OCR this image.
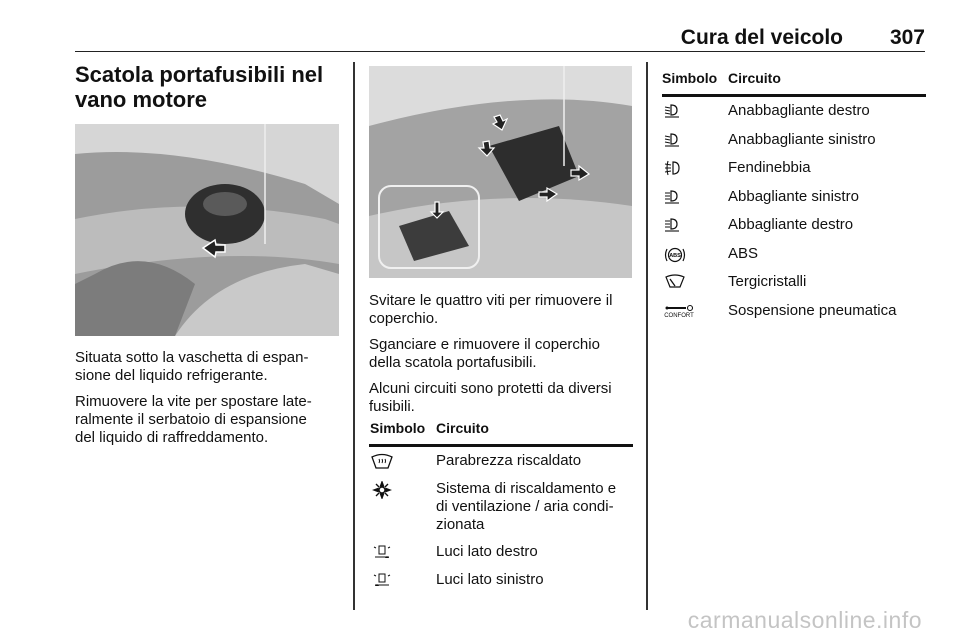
Cura del veicolo 307
Scatola portafusibili nel
vano motore

Situata sotto la vaschetta di espan-
sione del liquido refrigerante.

Rimuovere la vite per spostare late-
ralmente il serbatoio di espansione
del liquido di raffreddamento.

Svitare le quattro viti per rimuovere il
coperchio.

Sganciare e rimuovere il coperchio
della scatola portafusibili.

Alcuni circuiti sono protetti da diversi
fusibili.

Simbolo Circuito
Parabrezza riscaldato
Sistema di riscaldamento e
di ventilazione / aria condi-
zionata
Luci lato destro
Luci lato sinistro
Simbolo Circuito
Anabbagliante destro
Anabbagliante sinistro
Fendinebbia
Abbagliante sinistro
Abbagliante destro
ABS	ABS
Tergicristalli
CONFORT Sospensione pneumatica
carmanualsonline.info
